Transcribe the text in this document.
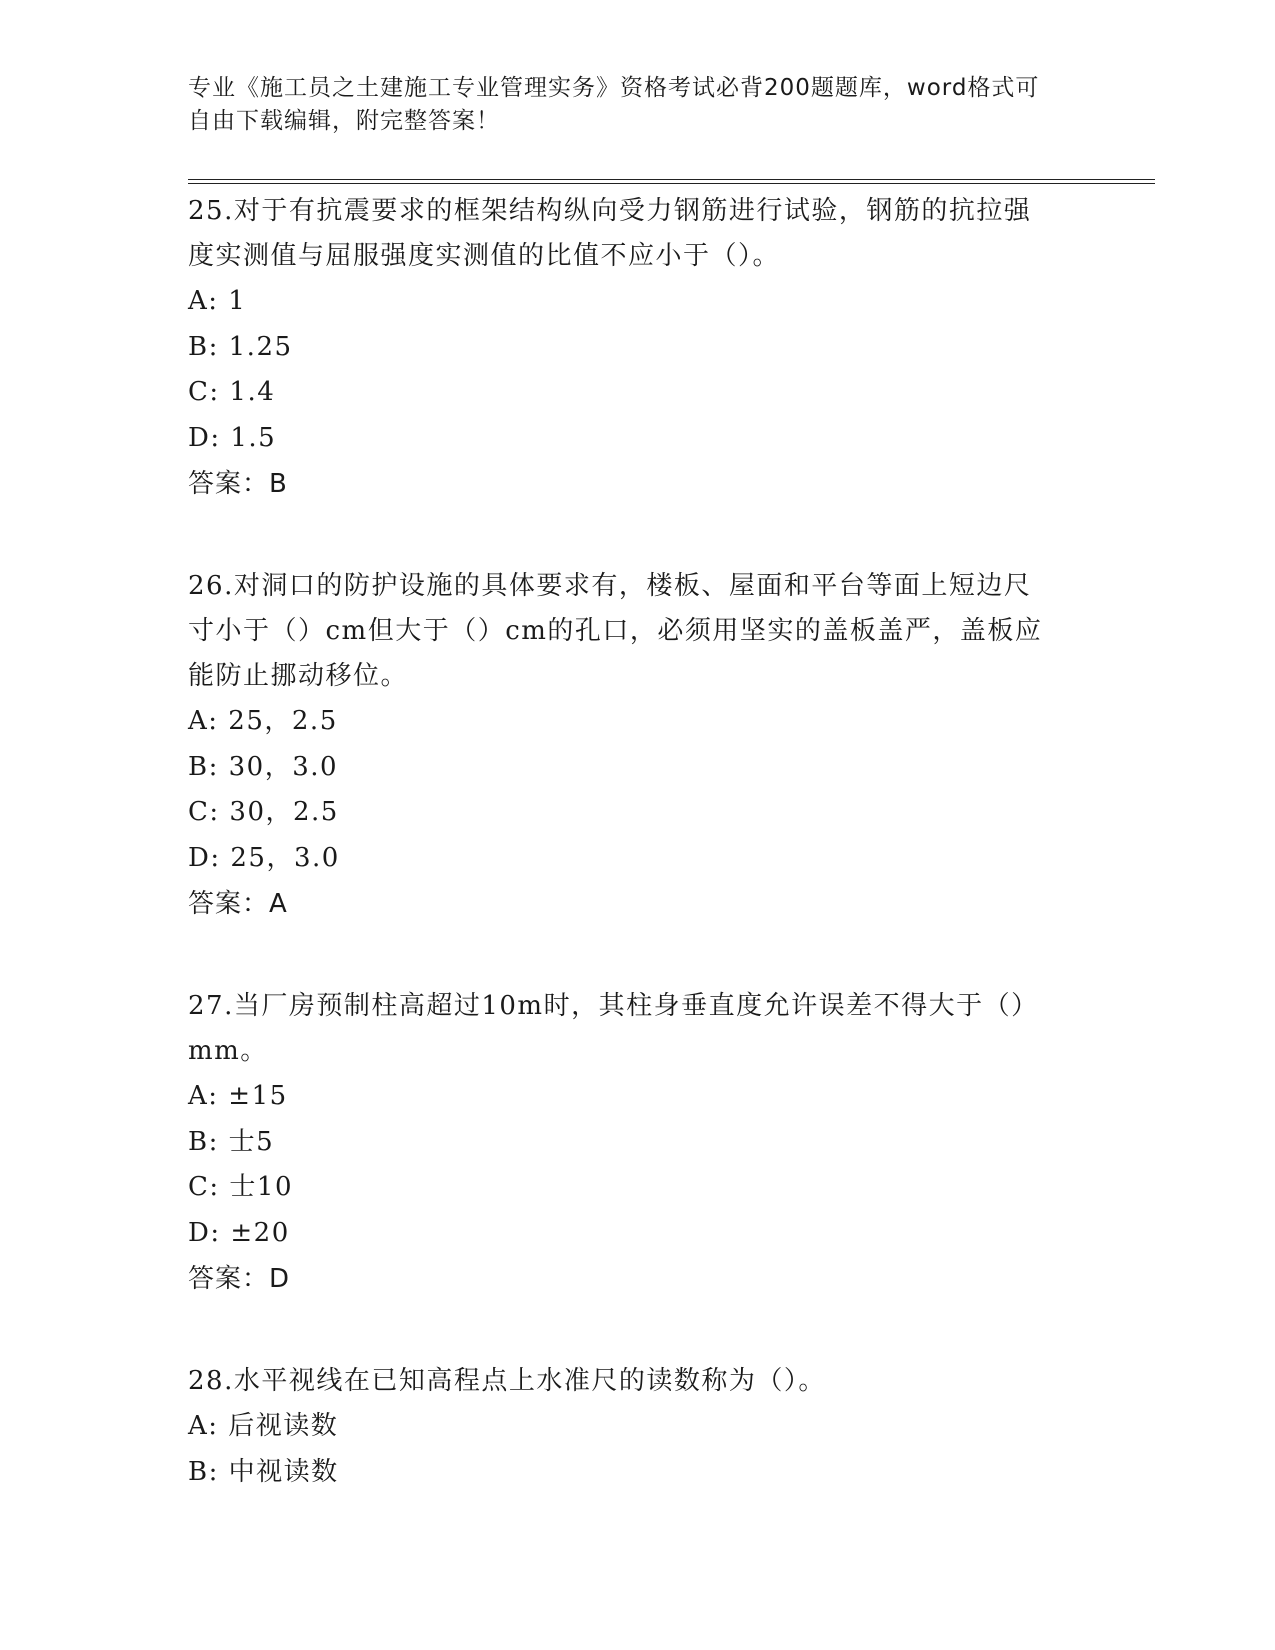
专业《施工员之土建施工专业管理实务》资格考试必背200题题库，word格式可
自由下载编辑，附完整答案！
25.对于有抗震要求的框架结构纵向受力钢筋进行试验，钢筋的抗拉强
度实测值与屈服强度实测值的比值不应小于（）。
A: 1
B: 1.25
C: 1.4
D: 1.5
答案：B
26.对洞口的防护设施的具体要求有，楼板、屋面和平台等面上短边尺
寸小于（）cm但大于（）cm的孔口，必须用坚实的盖板盖严，盖板应
能防止挪动移位。
A: 25，2.5
B: 30，3.0
C: 30，2.5
D: 25，3.0
答案：A
27.当厂房预制柱高超过10m时，其柱身垂直度允许误差不得大于（）
mm。
A: ±15
B: 士5
C: 士10
D: ±20
答案：D
28.水平视线在已知高程点上水准尺的读数称为（）。
A: 后视读数
B: 中视读数
